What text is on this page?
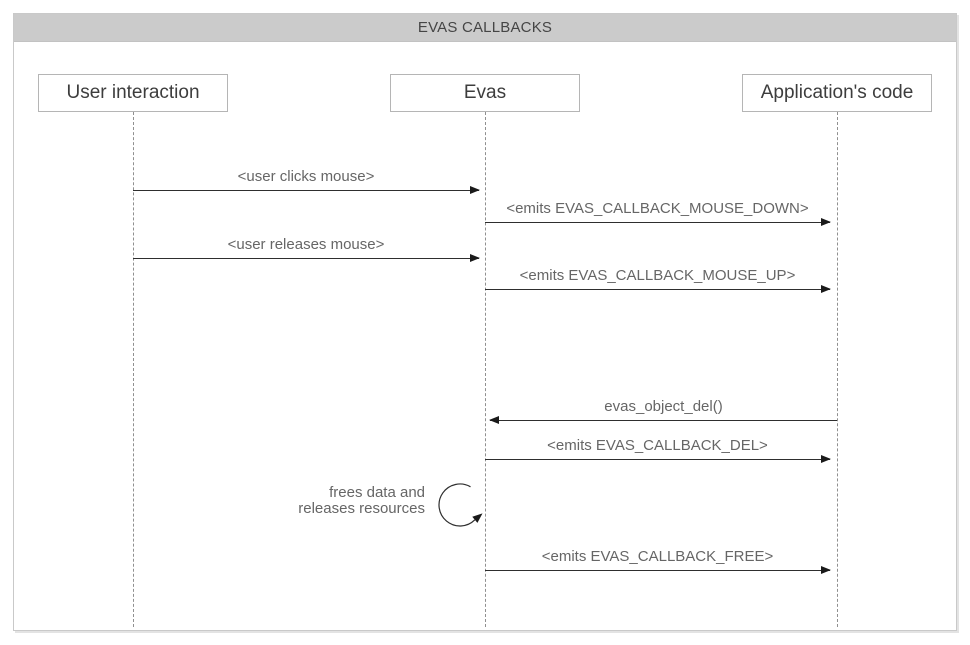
EVAS CALLBACKS
User interaction	Evas	Application's code
<user clicks mouse>
<emits EVAS_CALLBACK_MOUSE_DOWN>
<user releases mouse>
<emits EVAS_CALLBACK_MOUSE_UP>
evas_object_del()
<emits EVAS_CALLBACK_DEL>
frees data and
releases resources
<emits EVAS_CALLBACK_FREE>
